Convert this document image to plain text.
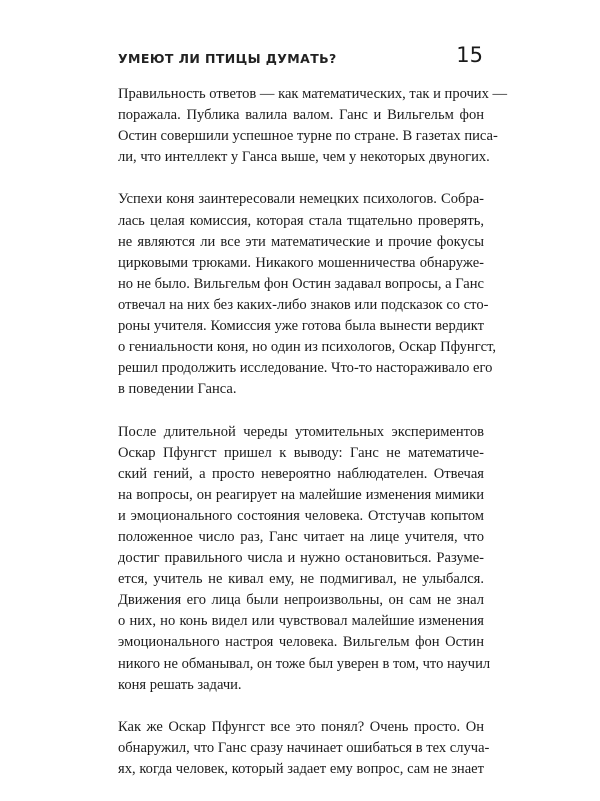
УМЕЮТ ЛИ ПТИЦЫ ДУМАТЬ?	15

Правильность ответов — как математических, так и прочих —
поражала. Публика валила валом. Ганс и Вильгельм фон
Остин совершили успешное турне по стране. В газетах писа-
ли, что интеллект у Ганса выше, чем у некоторых двуногих.

Успехи коня заинтересовали немецких психологов. Собра-
лась целая комиссия, которая стала тщательно проверять,
не являются ли все эти математические и прочие фокусы
цирковыми трюками. Никакого мошенничества обнаруже-
но не было. Вильгельм фон Остин задавал вопросы, а Ганс
отвечал на них без каких-либо знаков или подсказок со сто-
роны учителя. Комиссия уже готова была вынести вердикт
о гениальности коня, но один из психологов, Оскар Пфунгст,
решил продолжить исследование. Что-то настораживало его
в поведении Ганса.

После длительной череды утомительных экспериментов
Оскар Пфунгст пришел к выводу: Ганс не математиче-
ский гений, а просто невероятно наблюдателен. Отвечая
на вопросы, он реагирует на малейшие изменения мимики
и эмоционального состояния человека. Отстучав копытом
положенное число раз, Ганс читает на лице учителя, что
достиг правильного числа и нужно остановиться. Разуме-
ется, учитель не кивал ему, не подмигивал, не улыбался.
Движения его лица были непроизвольны, он сам не знал
о них, но конь видел или чувствовал малейшие изменения
эмоционального настроя человека. Вильгельм фон Остин
никого не обманывал, он тоже был уверен в том, что научил
коня решать задачи.

Как же Оскар Пфунгст все это понял? Очень просто. Он
обнаружил, что Ганс сразу начинает ошибаться в тех случа-
ях, когда человек, который задает ему вопрос, сам не знает
